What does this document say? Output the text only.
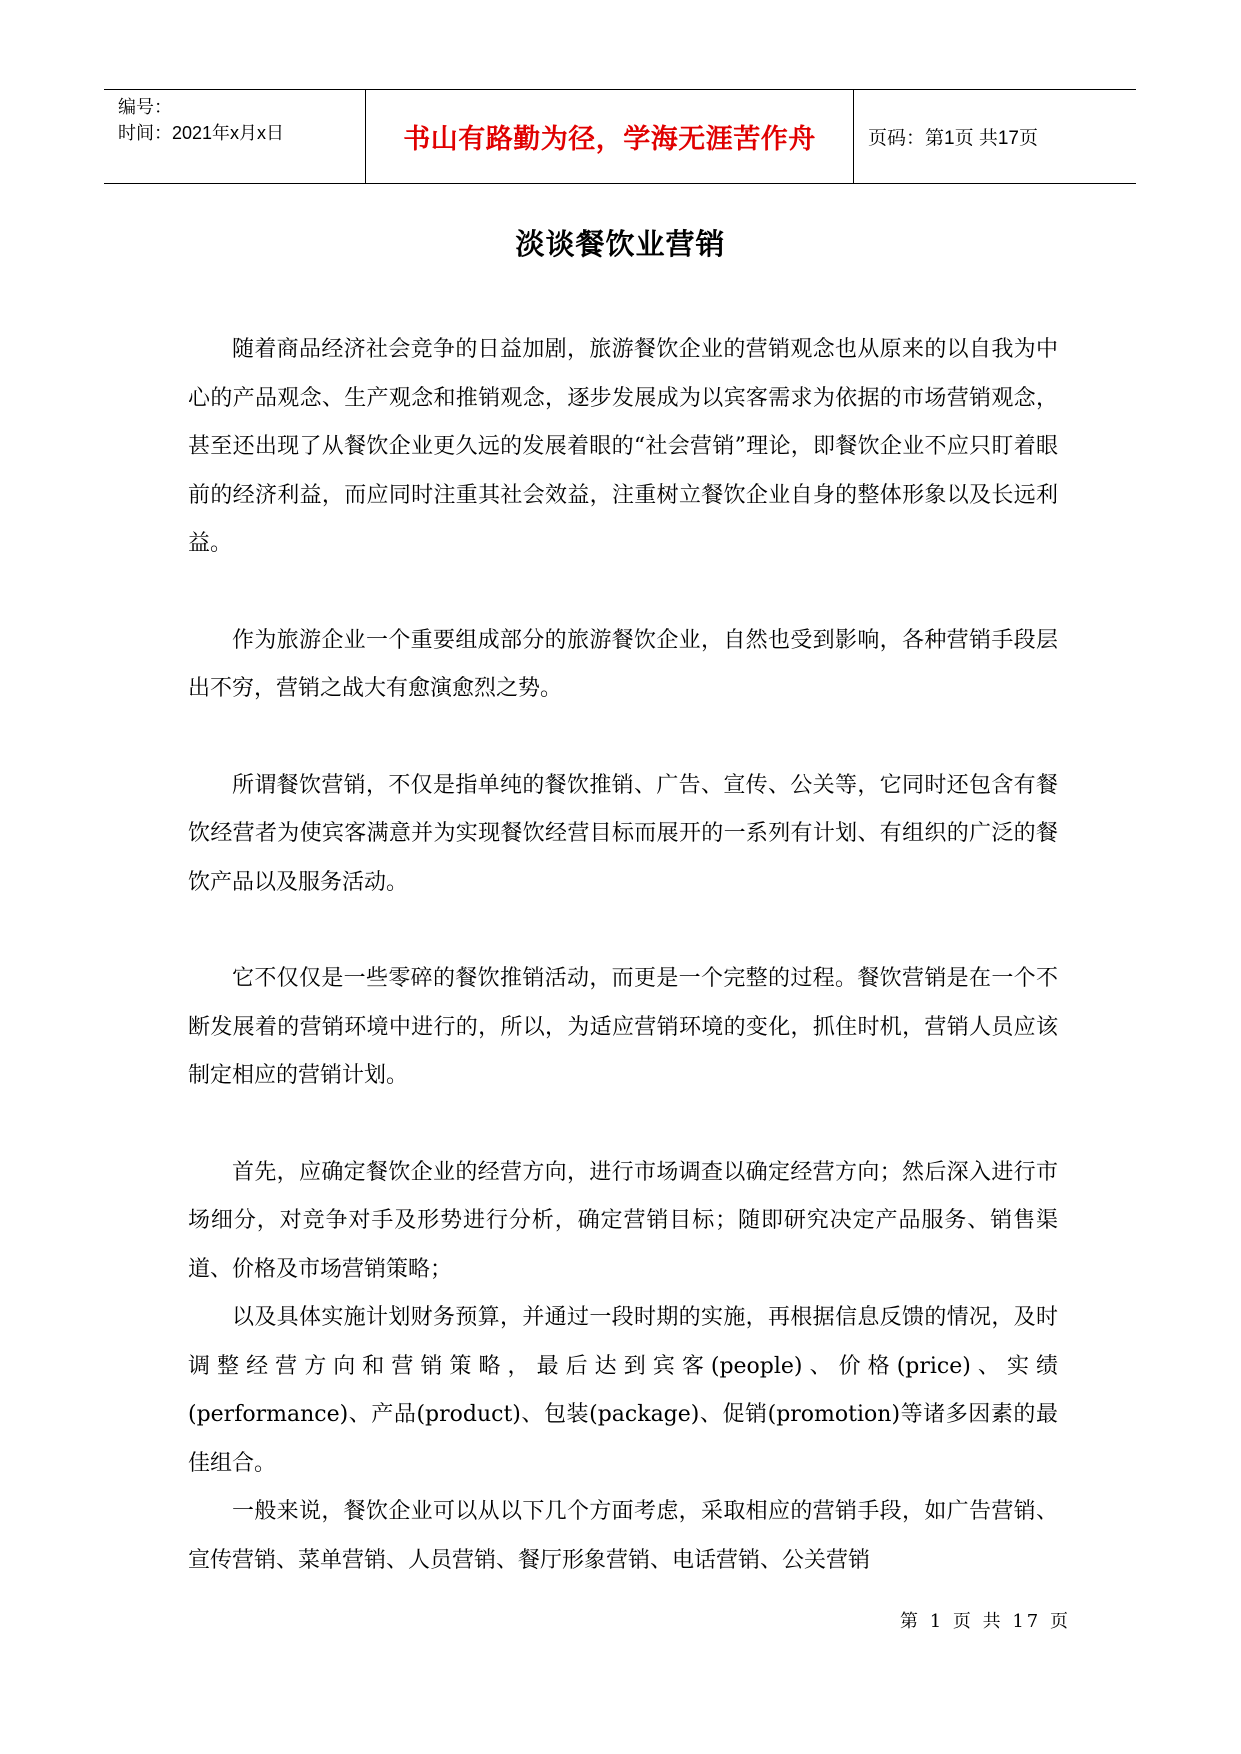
编号：
时间：2021年x月x日	书山有路勤为径，学海无涯苦作舟	页码：第1页 共17页
淡谈餐饮业营销

随着商品经济社会竞争的日益加剧，旅游餐饮企业的营销观念也从原来的以自我为中心的产品观念、生产观念和推销观念，逐步发展成为以宾客需求为依据的市场营销观念，甚至还出现了从餐饮企业更久远的发展着眼的“社会营销”理论，即餐饮企业不应只盯着眼前的经济利益，而应同时注重其社会效益，注重树立餐饮企业自身的整体形象以及长远利益。

作为旅游企业一个重要组成部分的旅游餐饮企业，自然也受到影响，各种营销手段层出不穷，营销之战大有愈演愈烈之势。

所谓餐饮营销，不仅是指单纯的餐饮推销、广告、宣传、公关等，它同时还包含有餐饮经营者为使宾客满意并为实现餐饮经营目标而展开的一系列有计划、有组织的广泛的餐饮产品以及服务活动。

它不仅仅是一些零碎的餐饮推销活动，而更是一个完整的过程。餐饮营销是在一个不断发展着的营销环境中进行的，所以，为适应营销环境的变化，抓住时机，营销人员应该制定相应的营销计划。

首先，应确定餐饮企业的经营方向，进行市场调查以确定经营方向；然后深入进行市场细分，对竞争对手及形势进行分析，确定营销目标；随即研究决定产品服务、销售渠道、价格及市场营销策略；

以及具体实施计划财务预算，并通过一段时期的实施，再根据信息反馈的情况，及时调整经营方向和营销策略，最后达到宾客(people)、价格(price)、实绩(performance)、产品(product)、包装(package)、促销(promotion)等诸多因素的最佳组合。

一般来说，餐饮企业可以从以下几个方面考虑，采取相应的营销手段，如广告营销、宣传营销、菜单营销、人员营销、餐厅形象营销、电话营销、公关营销

第 1 页 共 17 页
